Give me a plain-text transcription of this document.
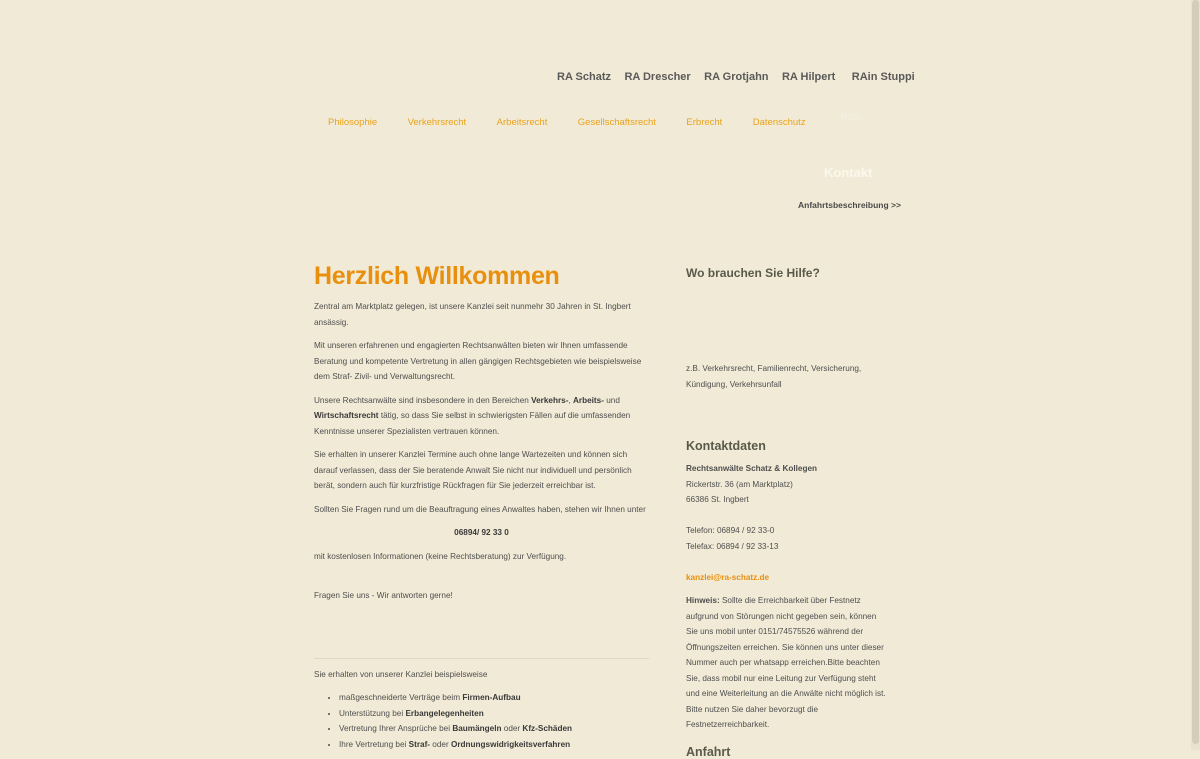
RA Schatz RA Drescher RA Grotjahn RA Hilpert RAin Stuppi
Philosophie	Verkehrsrecht	Arbeitsrecht	Gesellschaftsrecht	Erbrecht	Datenschutz	RSS
Kontakt
Anfahrtsbeschreibung >>
Herzlich Willkommen

Zentral am Marktplatz gelegen, ist unsere Kanzlei seit nunmehr 30 Jahren in St. Ingbert ansässig.

Mit unseren erfahrenen und engagierten Rechtsanwälten bieten wir Ihnen umfassende Beratung und kompetente Vertretung in allen gängigen Rechtsgebieten wie beispielsweise dem Straf- Zivil- und Verwaltungsrecht.

Unsere Rechtsanwälte sind insbesondere in den Bereichen Verkehrs-, Arbeits- und Wirtschaftsrecht tätig, so dass Sie selbst in schwierigsten Fällen auf die umfassenden Kenntnisse unserer Spezialisten vertrauen können.

Sie erhalten in unserer Kanzlei Termine auch ohne lange Wartezeiten und können sich darauf verlassen, dass der Sie beratende Anwalt Sie nicht nur individuell und persönlich berät, sondern auch für kurzfristige Rückfragen für Sie jederzeit erreichbar ist.

Sollten Sie Fragen rund um die Beauftragung eines Anwaltes haben, stehen wir Ihnen unter

06894/ 92 33 0

mit kostenlosen Informationen (keine Rechtsberatung) zur Verfügung.

Fragen Sie uns - Wir antworten gerne!

Sie erhalten von unserer Kanzlei beispielsweise

• maßgeschneiderte Verträge beim Firmen-Aufbau
• Unterstützung bei Erbangelegenheiten
• Vertretung Ihrer Ansprüche bei Baumängeln oder Kfz-Schäden
• Ihre Vertretung bei Straf- oder Ordnungswidrigkeitsverfahren
Wo brauchen Sie Hilfe?

z.B. Verkehrsrecht, Familienrecht, Versicherung, Kündigung, Verkehrsunfall

Kontaktdaten

Rechtsanwälte Schatz & Kollegen

Rickertstr. 36 (am Marktplatz)

66386 St. Ingbert

Telefon: 06894 / 92 33-0

Telefax: 06894 / 92 33-13

kanzlei@ra-schatz.de

Hinweis: Sollte die Erreichbarkeit über Festnetz aufgrund von Störungen nicht gegeben sein, können Sie uns mobil unter 0151/74575526 während der Öffnungszeiten erreichen. Sie können uns unter dieser Nummer auch per whatsapp erreichen.Bitte beachten Sie, dass mobil nur eine Leitung zur Verfügung steht und eine Weiterleitung an die Anwälte nicht möglich ist. Bitte nutzen Sie daher bevorzugt die Festnetzerreichbarkeit.

Anfahrt
